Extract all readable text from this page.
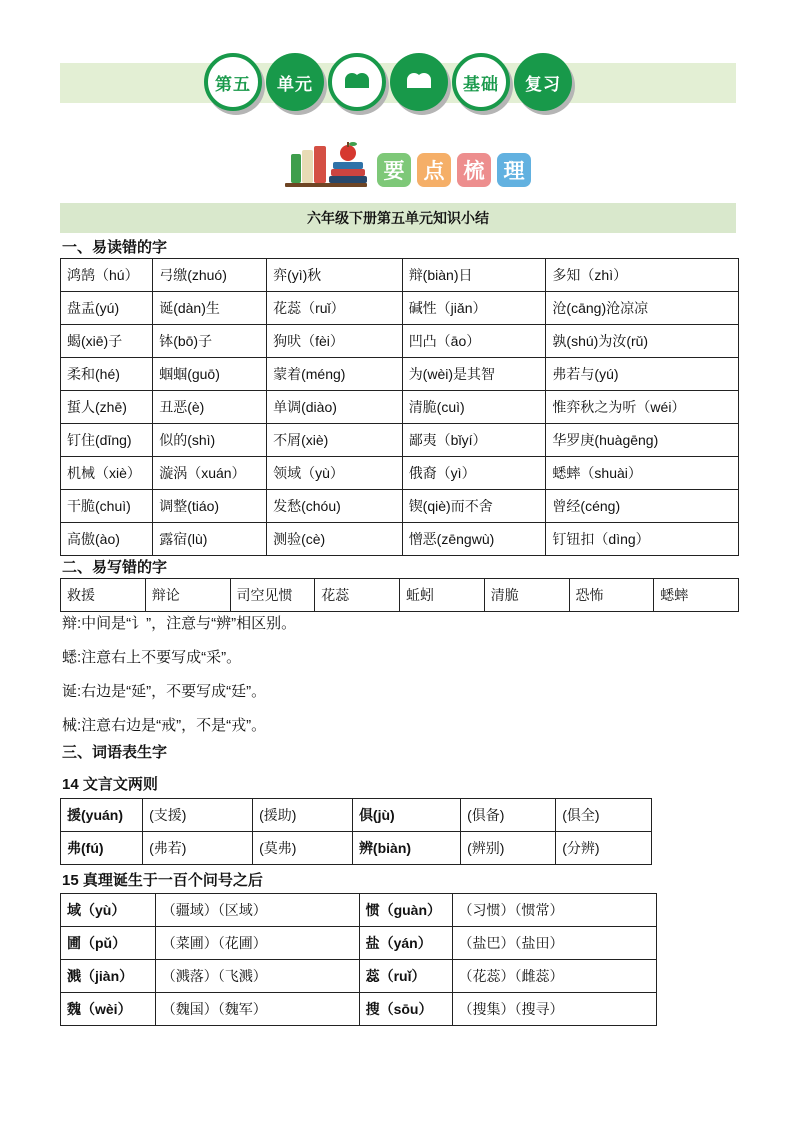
第五	单元	基础	复习
要 点 梳 理
六年级下册第五单元知识小结
一、易读错的字
鸿鹄（hú）	弓缴(zhuó)	弈(yì)秋	辩(biàn)日	多知（zhì）
盘盂(yú)	诞(dàn)生	花蕊（ruǐ）	碱性（jiǎn）	沧(cāng)沧凉凉
蝎(xiē)子	钵(bō)子	狗吠（fèi）	凹凸（āo）	孰(shú)为汝(rǔ)
柔和(hé)	蝈蝈(guō)	蒙着(méng)	为(wèi)是其智	弗若与(yú)
蜇人(zhē)	丑恶(è)	单调(diào)	清脆(cuì)	惟弈秋之为听（wéi）
钉住(dīng)	似的(shì)	不屑(xiè)	鄙夷（bǐyí）	华罗庚(huàgēng)
机械（xiè）	漩涡（xuán）	领域（yù）	俄裔（yì）	蟋蟀（shuài）
干脆(chuì)	调整(tiáo)	发愁(chóu)	锲(qiè)而不舍	曾经(céng)
高傲(ào)	露宿(lù)	测验(cè)	憎恶(zēngwù)	钉钮扣（dìng）
二、易写错的字
救援	辩论	司空见惯	花蕊	蚯蚓	清脆	恐怖	蟋蟀

辩:中间是“讠”，注意与“辨”相区别。

蟋:注意右上不要写成“采”。

诞:右边是“延”，不要写成“廷”。

械:注意右边是“戒”，不是“戎”。

三、词语表生字
14 文言文两则
援(yuán)	(支援)	(援助)	俱(jù)	(俱备)	(俱全)
弗(fú)	(弗若)	(莫弗)	辨(biàn)	(辨别)	(分辨)
15 真理诞生于一百个问号之后
域（yù）	（疆域）（区域）	惯（guàn）	（习惯）（惯常）
圃（pǔ）	（菜圃）（花圃）	盐（yán）	（盐巴）（盐田）
溅（jiàn）	（溅落）（飞溅）	蕊（ruǐ）	（花蕊）（雌蕊）
魏（wèi）	（魏国）（魏军）	搜（sōu）	（搜集）（搜寻）
